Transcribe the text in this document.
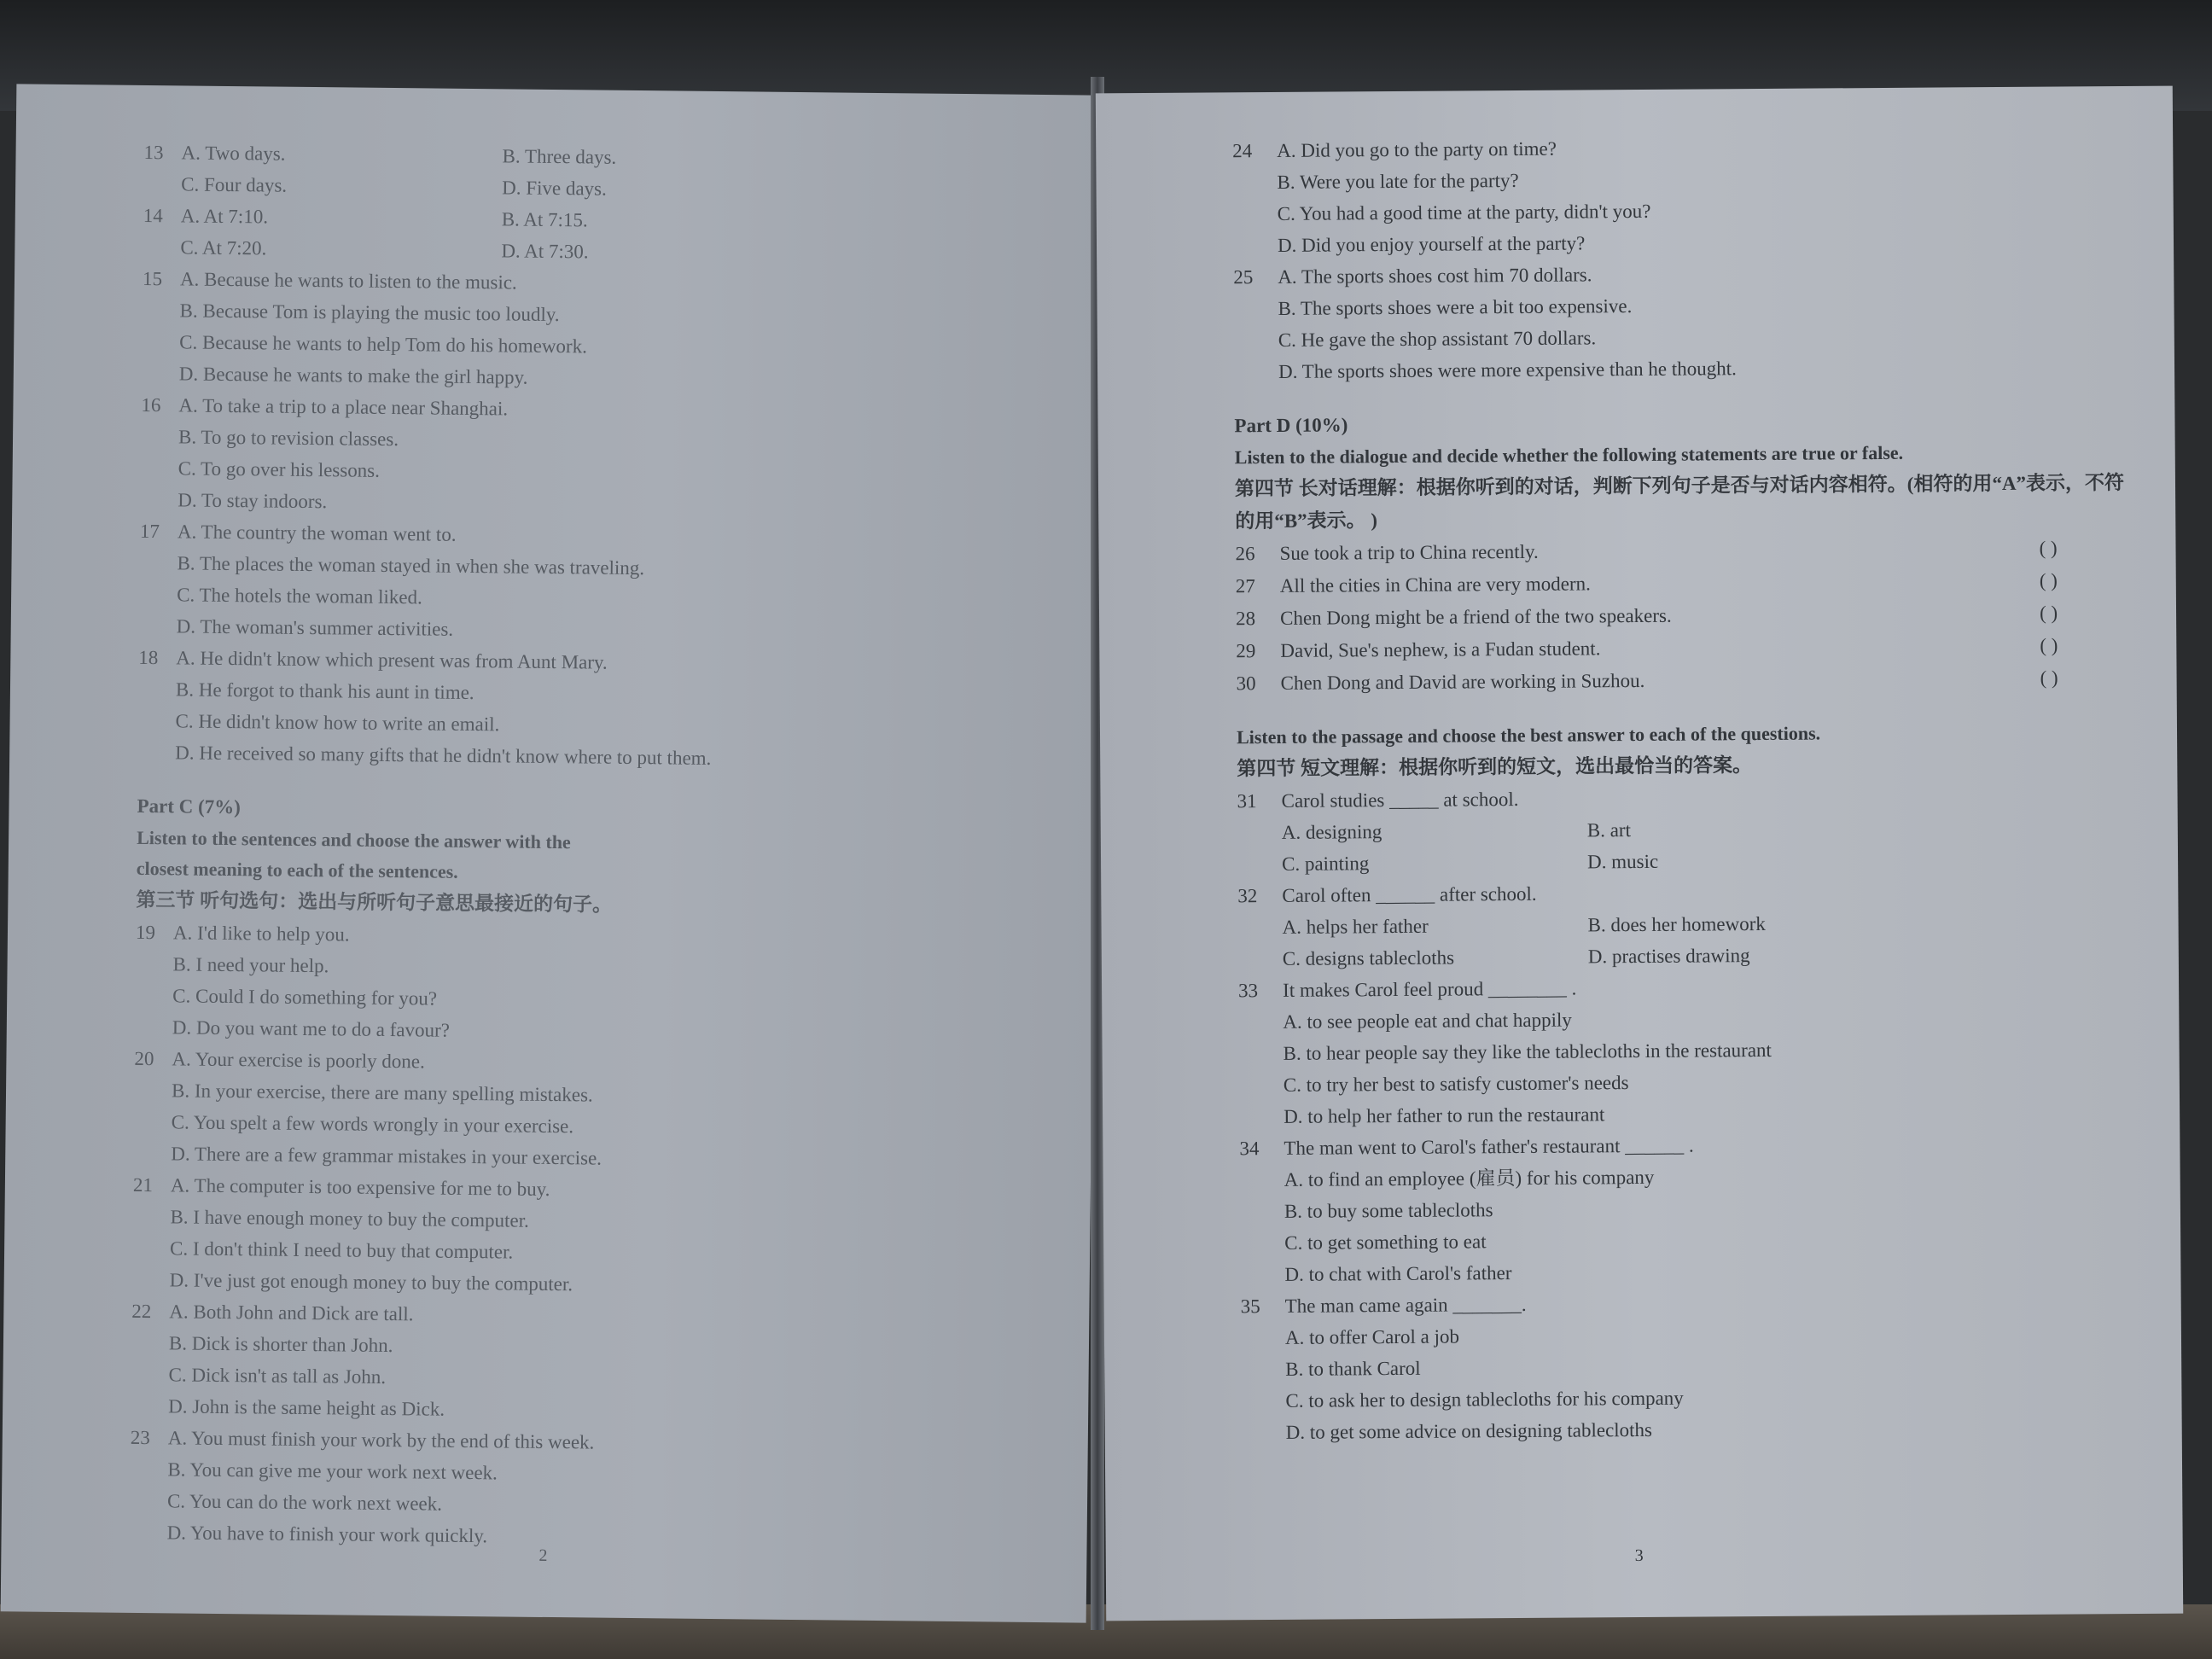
13 A. Two days.	B. Three days.
C. Four days.	D. Five days.
14 A. At 7:10.	B. At 7:15.
C. At 7:20.	D. At 7:30.
15 A. Because he wants to listen to the music.
B. Because Tom is playing the music too loudly.
C. Because he wants to help Tom do his homework.
D. Because he wants to make the girl happy.
16 A. To take a trip to a place near Shanghai.
B. To go to revision classes.
C. To go over his lessons.
D. To stay indoors.
17 A. The country the woman went to.
B. The places the woman stayed in when she was traveling.
C. The hotels the woman liked.
D. The woman's summer activities.
18 A. He didn't know which present was from Aunt Mary.
B. He forgot to thank his aunt in time.
C. He didn't know how to write an email.
D. He received so many gifts that he didn't know where to put them.
Part C (7%)
Listen to the sentences and choose the answer with the closest meaning to each of the sentences.
第三节 听句选句：选出与所听句子意思最接近的句子。
19 A. I'd like to help you.
B. I need your help.
C. Could I do something for you?
D. Do you want me to do a favour?
20 A. Your exercise is poorly done.
B. In your exercise, there are many spelling mistakes.
C. You spelt a few words wrongly in your exercise.
D. There are a few grammar mistakes in your exercise.
21 A. The computer is too expensive for me to buy.
B. I have enough money to buy the computer.
C. I don't think I need to buy that computer.
D. I've just got enough money to buy the computer.
22 A. Both John and Dick are tall.
B. Dick is shorter than John.
C. Dick isn't as tall as John.
D. John is the same height as Dick.
23 A. You must finish your work by the end of this week.
B. You can give me your work next week.
C. You can do the work next week.
D. You have to finish your work quickly.
2
24	A. Did you go to the party on time?
B. Were you late for the party?
C. You had a good time at the party, didn't you?
D. Did you enjoy yourself at the party?
25	A. The sports shoes cost him 70 dollars.
B. The sports shoes were a bit too expensive.
C. He gave the shop assistant 70 dollars.
D. The sports shoes were more expensive than he thought.
Part D (10%)
Listen to the dialogue and decide whether the following statements are true or false.
第四节 长对话理解：根据你听到的对话，判断下列句子是否与对话内容相符。(相符的用“A”表示，不符的用“B”表示。 )
26	Sue took a trip to China recently.	( )
27	All the cities in China are very modern.	( )
28	Chen Dong might be a friend of the two speakers.	( )
29	David, Sue's nephew, is a Fudan student.	( )
30	Chen Dong and David are working in Suzhou.	( )
Listen to the passage and choose the best answer to each of the questions.
第四节 短文理解：根据你听到的短文，选出最恰当的答案。
31	Carol studies _____ at school.
A. designing	B. art
C. painting	D. music
32	Carol often ______ after school.
A. helps her father	B. does her homework
C. designs tablecloths	D. practises drawing
33	It makes Carol feel proud ________ .
A. to see people eat and chat happily
B. to hear people say they like the tablecloths in the restaurant
C. to try her best to satisfy customer's needs
D. to help her father to run the restaurant
34	The man went to Carol's father's restaurant ______ .
A. to find an employee (雇员) for his company
B. to buy some tablecloths
C. to get something to eat
D. to chat with Carol's father
35	The man came again _______.
A. to offer Carol a job
B. to thank Carol
C. to ask her to design tablecloths for his company
D. to get some advice on designing tablecloths
3
